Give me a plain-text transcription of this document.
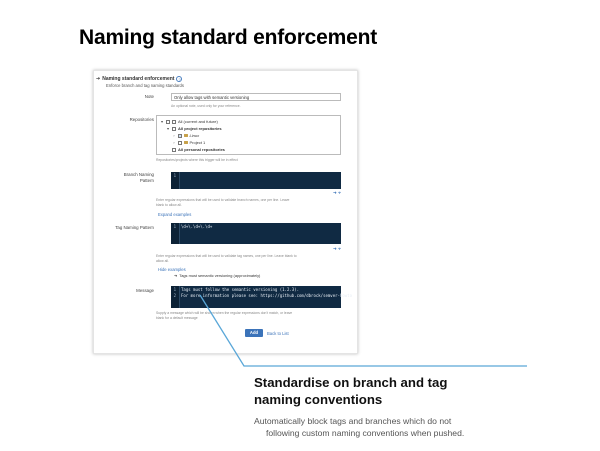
Naming standard enforcement
➔ Naming standard enforcement ?
Enforce branch and tag naming standards
Note	Only allow tags with semantic versioning
An optional note, used only for your reference.
Repositories ▼	All (current and future)
▼ All project repositories
›	Linux
›	Project 1
All personal repositories
Repositories/projects where this trigger will be in effect
Branch Naming
Pattern
1
➜⌖
Enter regular expressions that will be used to validate branch names, one per line. Leave
blank to allow all.
Expand examples
Tag Naming Pattern	1 \d+\.\d+\.\d+
➜⌖
Enter regular expressions that will be used to validate tag names, one per line. Leave blank to
allow all.
Hide examples
➜ Tags must semantic versioning (approximately)
Message	1 Tags must follow the semantic versioning (1.2.3).
2 For more information please see: https://github.com/dbrock/semver-howto
Supply a message which will be shown when the regular expressions don't match, or leave
blank for a default message
Add	Back to List
Standardise on branch and tag
naming conventions
Automatically block tags and branches which do not
following custom naming conventions when pushed.
